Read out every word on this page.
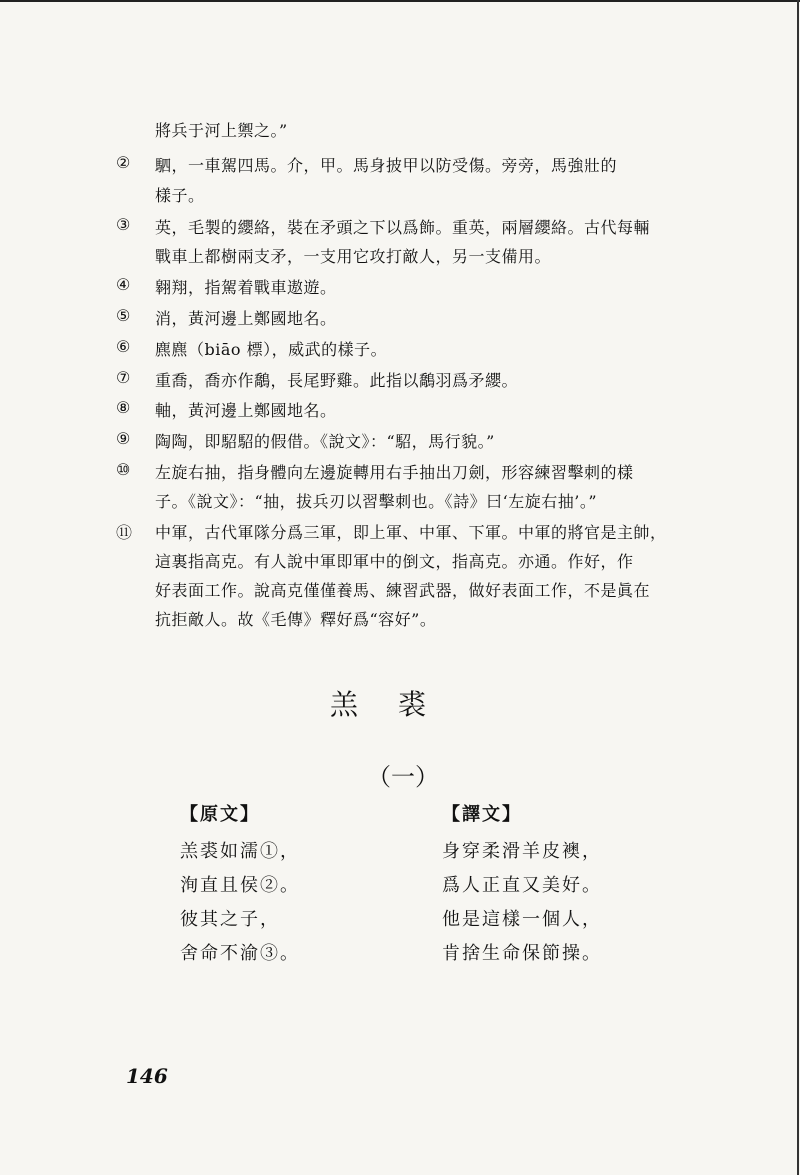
將兵于河上禦之。”
② 駟，一車駕四馬。介，甲。馬身披甲以防受傷。旁旁，馬強壯的
樣子。
③ 英，毛製的纓絡，裝在矛頭之下以爲飾。重英，兩層纓絡。古代每輛
戰車上都樹兩支矛，一支用它攻打敵人，另一支備用。
④ 翱翔，指駕着戰車遨遊。
⑤ 消，黃河邊上鄭國地名。
⑥ 麃麃（biāo 標），威武的樣子。
⑦ 重喬，喬亦作鷮，長尾野雞。此指以鷮羽爲矛纓。
⑧ 軸，黃河邊上鄭國地名。
⑨ 陶陶，即駋駋的假借。《說文》：“駋，馬行貌。”
⑩ 左旋右抽，指身體向左邊旋轉用右手抽出刀劍，形容練習擊刺的樣
子。《說文》：“抽，拔兵刃以習擊刺也。《詩》曰‘左旋右抽’。”
⑪ 中軍，古代軍隊分爲三軍，即上軍、中軍、下軍。中軍的將官是主帥，
這裏指高克。有人說中軍即軍中的倒文，指高克。亦通。作好，作
好表面工作。說高克僅僅養馬、練習武器，做好表面工作，不是眞在
抗拒敵人。故《毛傳》釋好爲“容好”。
羔裘
（一）
【原文】
羔裘如濡①，
洵直且侯②。
彼其之子，
舍命不渝③。
【譯文】
身穿柔滑羊皮襖，
爲人正直又美好。
他是這樣一個人，
肯捨生命保節操。
146
